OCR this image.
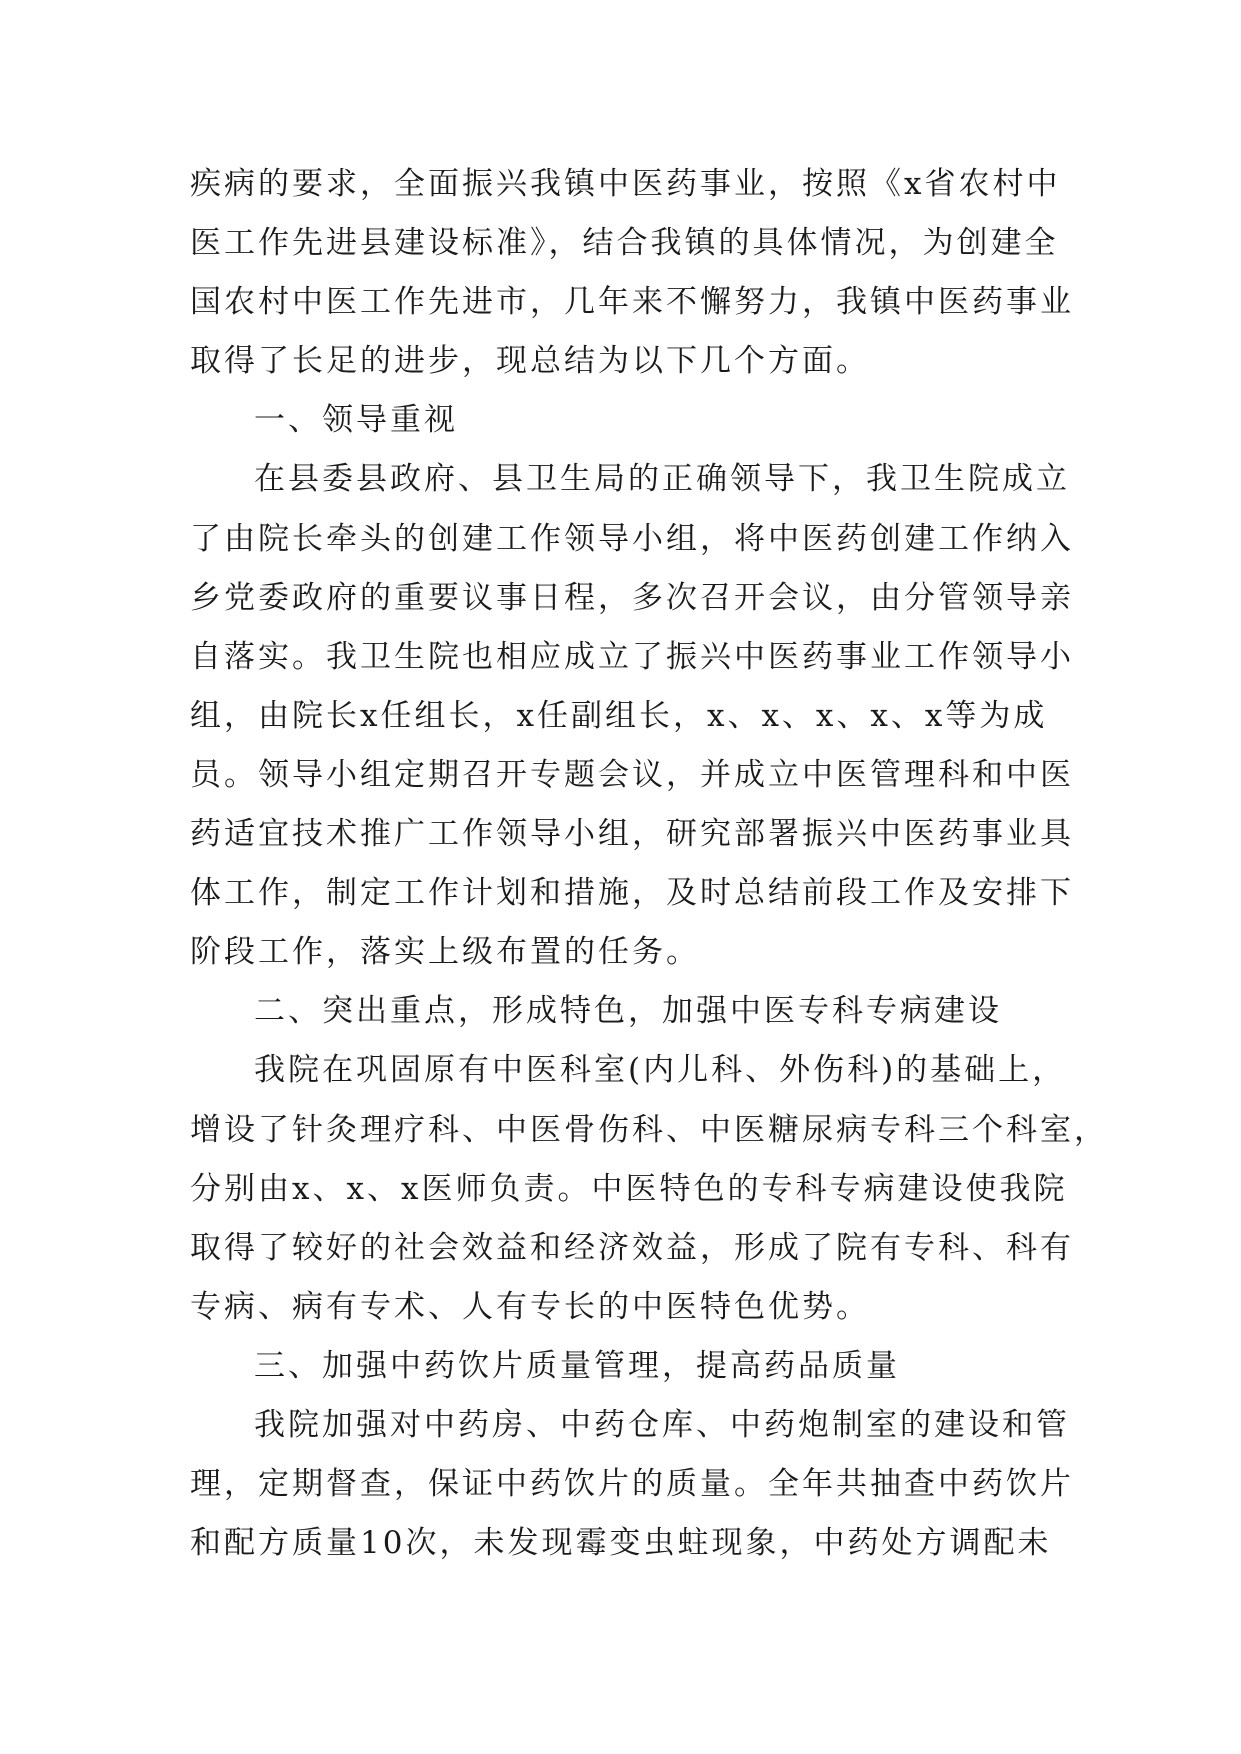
疾病的要求，全面振兴我镇中医药事业，按照《x省农村中
医工作先进县建设标准》，结合我镇的具体情况，为创建全
国农村中医工作先进市，几年来不懈努力，我镇中医药事业
取得了长足的进步，现总结为以下几个方面。
一、领导重视
在县委县政府、县卫生局的正确领导下，我卫生院成立
了由院长牵头的创建工作领导小组，将中医药创建工作纳入
乡党委政府的重要议事日程，多次召开会议，由分管领导亲
自落实。我卫生院也相应成立了振兴中医药事业工作领导小
组，由院长x任组长，x任副组长，x、x、x、x、x等为成
员。领导小组定期召开专题会议，并成立中医管理科和中医
药适宜技术推广工作领导小组，研究部署振兴中医药事业具
体工作，制定工作计划和措施，及时总结前段工作及安排下
阶段工作，落实上级布置的任务。
二、突出重点，形成特色，加强中医专科专病建设
我院在巩固原有中医科室(内儿科、外伤科)的基础上，
增设了针灸理疗科、中医骨伤科、中医糖尿病专科三个科室，
分别由x、x、x医师负责。中医特色的专科专病建设使我院
取得了较好的社会效益和经济效益，形成了院有专科、科有
专病、病有专术、人有专长的中医特色优势。
三、加强中药饮片质量管理，提高药品质量
我院加强对中药房、中药仓库、中药炮制室的建设和管
理，定期督查，保证中药饮片的质量。全年共抽查中药饮片
和配方质量10次，未发现霉变虫蛀现象，中药处方调配未
